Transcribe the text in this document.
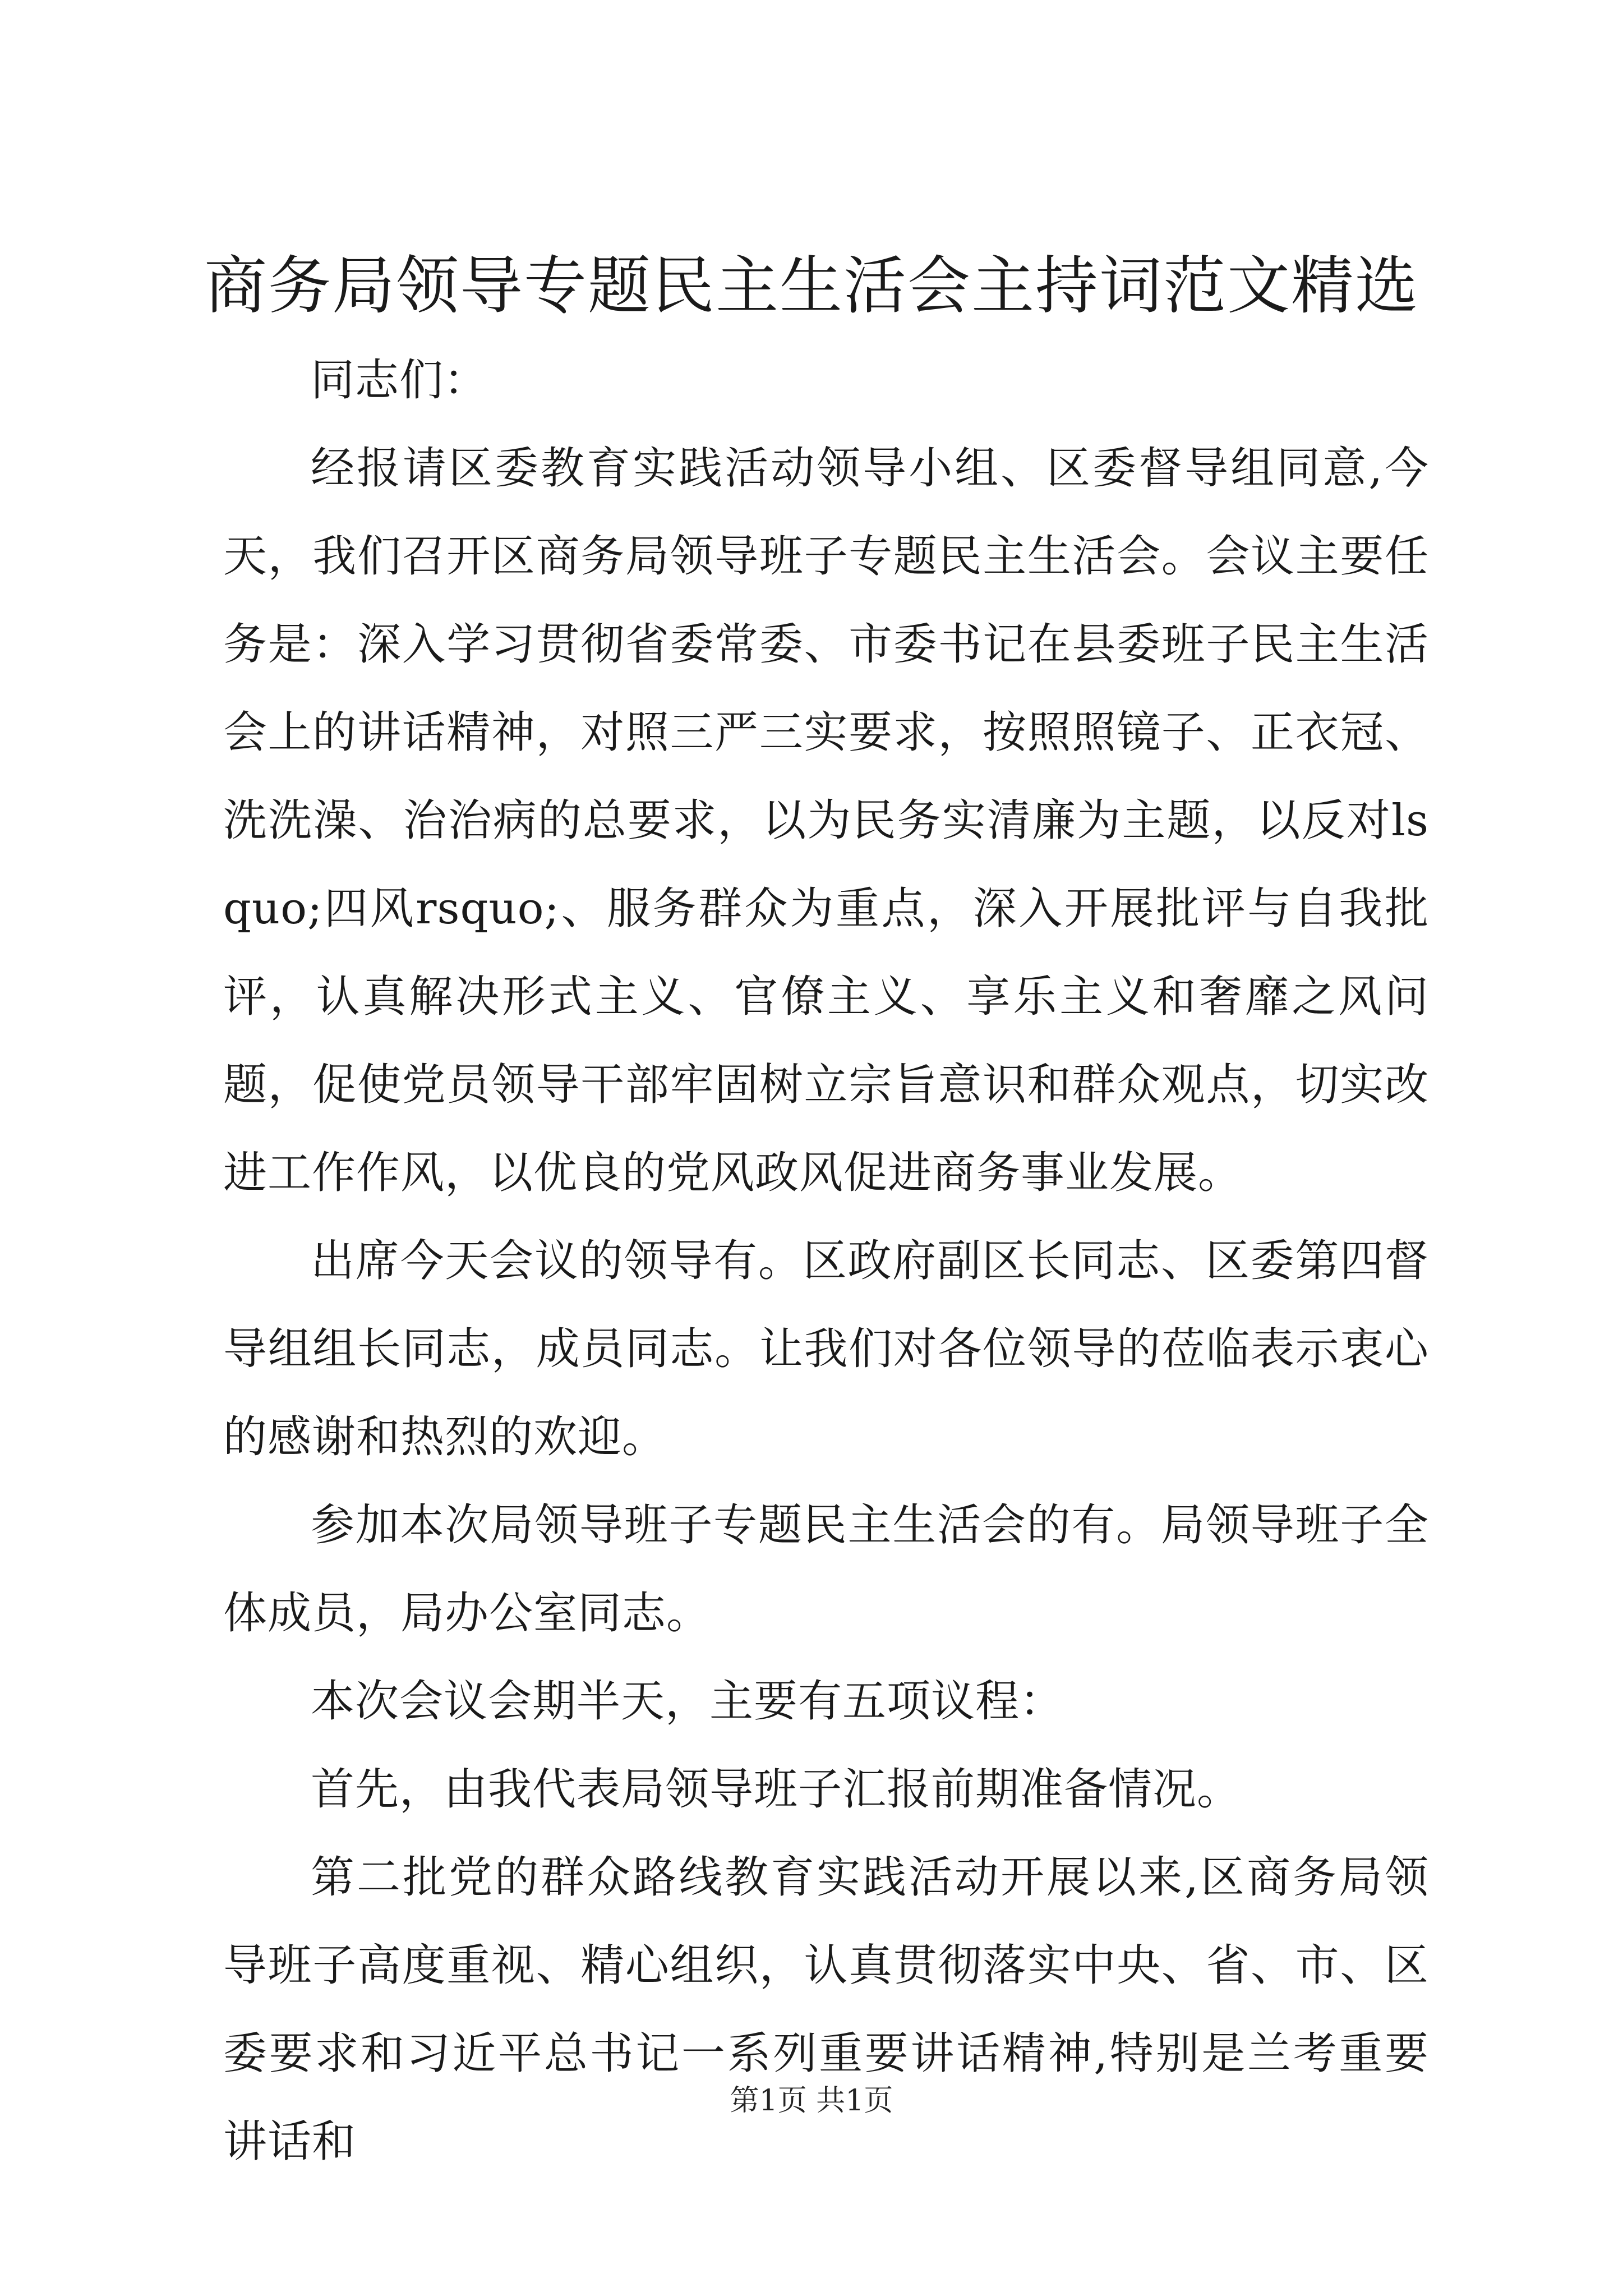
商务局领导专题民主生活会主持词范文精选

同志们：

经报请区委教育实践活动领导小组、区委督导组同意,今天，我们召开区商务局领导班子专题民主生活会。会议主要任务是：深入学习贯彻省委常委、市委书记在县委班子民主生活会上的讲话精神，对照三严三实要求，按照照镜子、正衣冠、洗洗澡、治治病的总要求，以为民务实清廉为主题，以反对lsquo;四风rsquo;、服务群众为重点，深入开展批评与自我批评，认真解决形式主义、官僚主义、享乐主义和奢靡之风问题，促使党员领导干部牢固树立宗旨意识和群众观点，切实改进工作作风，以优良的党风政风促进商务事业发展。

出席今天会议的领导有。区政府副区长同志、区委第四督导组组长同志，成员同志。让我们对各位领导的莅临表示衷心的感谢和热烈的欢迎。

参加本次局领导班子专题民主生活会的有。局领导班子全体成员，局办公室同志。

本次会议会期半天，主要有五项议程：

首先，由我代表局领导班子汇报前期准备情况。

第二批党的群众路线教育实践活动开展以来,区商务局领导班子高度重视、精心组织，认真贯彻落实中央、省、市、区委要求和习近平总书记一系列重要讲话精神,特别是兰考重要讲话和

第1页 共1页
